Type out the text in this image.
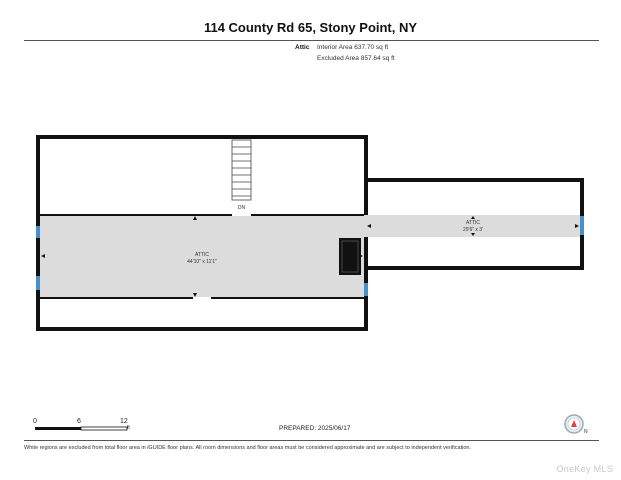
114 County Rd 65, Stony Point, NY
Attic Interior Area 637.70 sq ft
Excluded Area 857.64 sq ft
DN
ATTIC
44'10" x 11'1"
ATTIC
29'6" x 3'
N
0	6	12
ft	PREPARED: 2025/06/17
White regions are excluded from total floor area in iGUIDE floor plans. All room dimensions and floor areas must be considered approximate and are subject to independent verification.
OneKey MLS
